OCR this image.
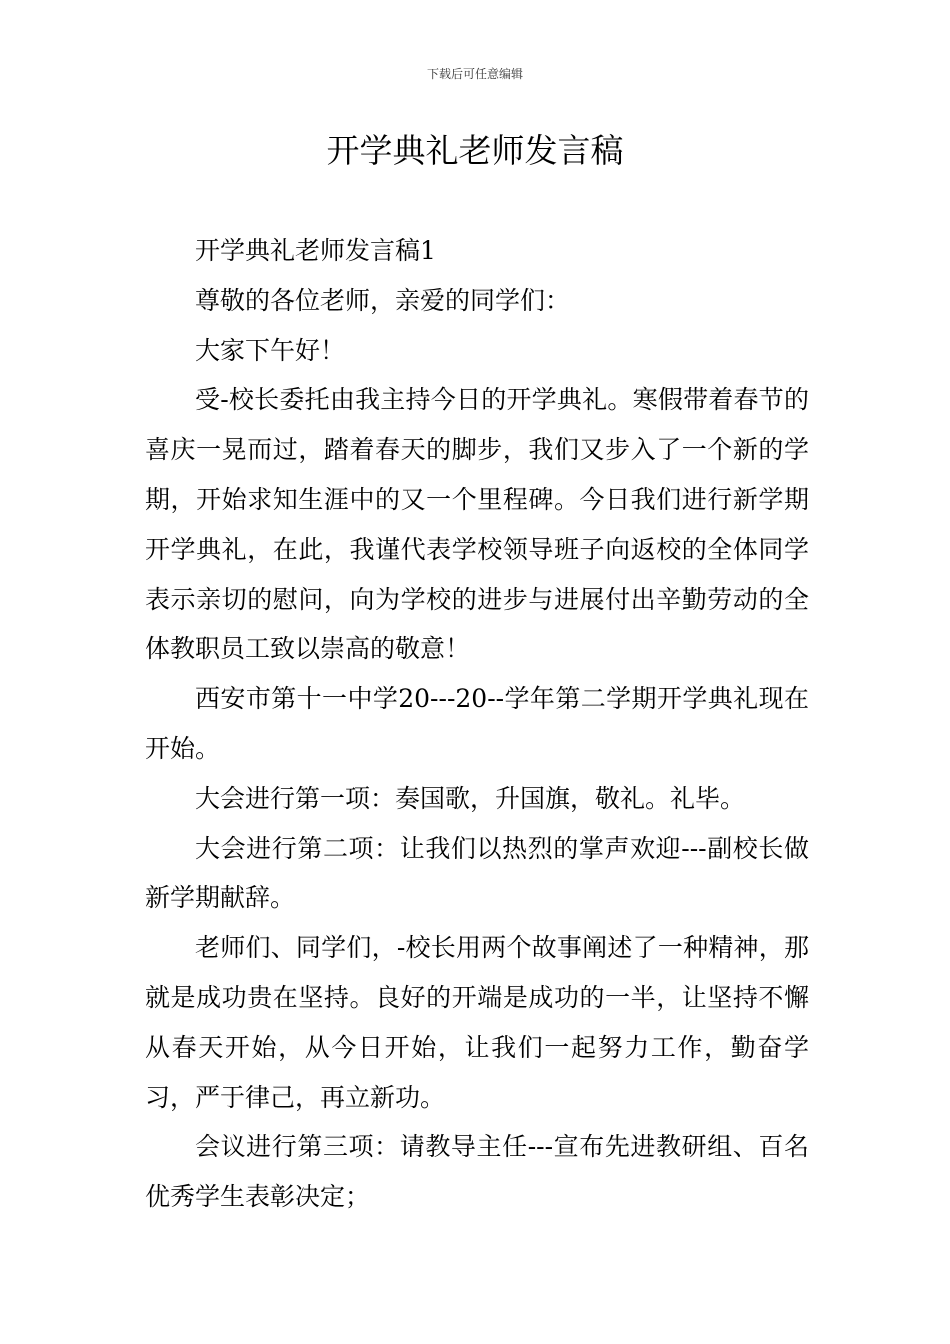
下载后可任意编辑
开学典礼老师发言稿

开学典礼老师发言稿1

尊敬的各位老师，亲爱的同学们：

大家下午好！

受-校长委托由我主持今日的开学典礼。寒假带着春节的喜庆一晃而过，踏着春天的脚步，我们又步入了一个新的学期，开始求知生涯中的又一个里程碑。今日我们进行新学期开学典礼，在此，我谨代表学校领导班子向返校的全体同学表示亲切的慰问，向为学校的进步与进展付出辛勤劳动的全体教职员工致以崇高的敬意！

西安市第十一中学20---20--学年第二学期开学典礼现在开始。

大会进行第一项：奏国歌，升国旗，敬礼。礼毕。

大会进行第二项：让我们以热烈的掌声欢迎---副校长做新学期献辞。

老师们、同学们，-校长用两个故事阐述了一种精神，那就是成功贵在坚持。良好的开端是成功的一半，让坚持不懈从春天开始，从今日开始，让我们一起努力工作，勤奋学习，严于律己，再立新功。

会议进行第三项：请教导主任---宣布先进教研组、百名优秀学生表彰决定；
